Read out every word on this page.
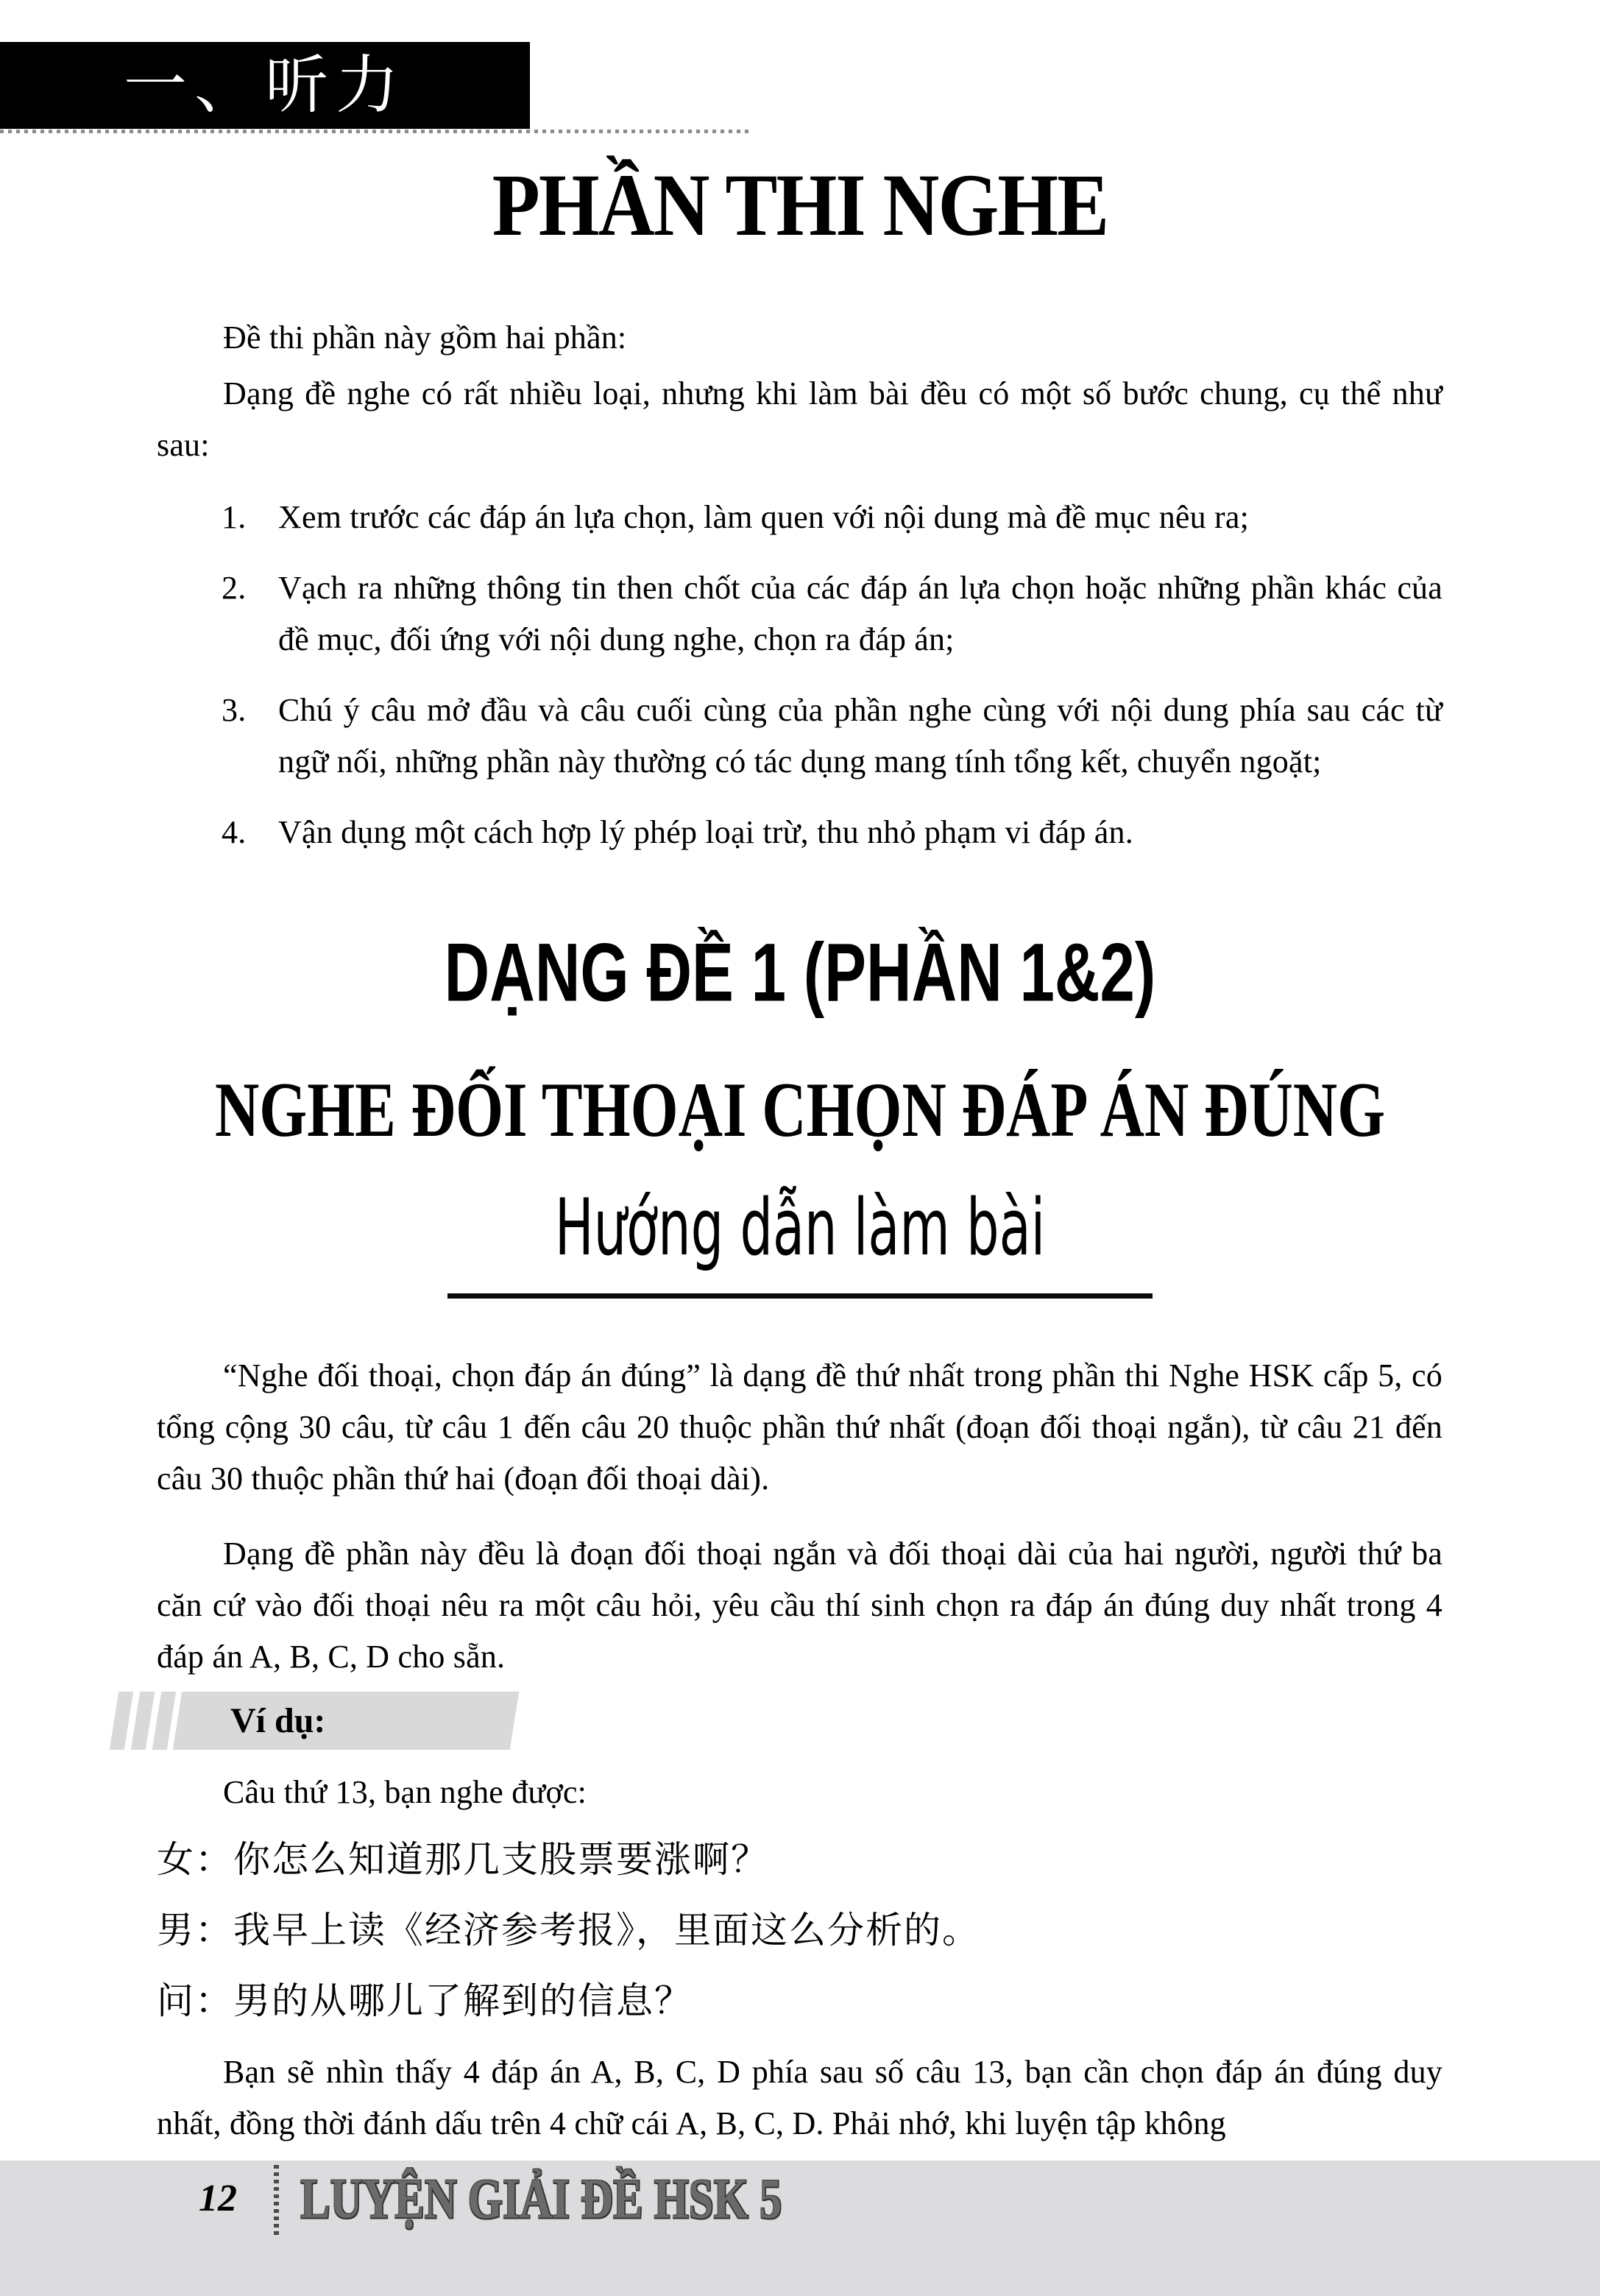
一、听力
PHẦN THI NGHE

Đề thi phần này gồm hai phần:

Dạng đề nghe có rất nhiều loại, nhưng khi làm bài đều có một số bước chung, cụ thể như sau:

1. Xem trước các đáp án lựa chọn, làm quen với nội dung mà đề mục nêu ra;
2. Vạch ra những thông tin then chốt của các đáp án lựa chọn hoặc những phần khác của đề mục, đối ứng với nội dung nghe, chọn ra đáp án;
3. Chú ý câu mở đầu và câu cuối cùng của phần nghe cùng với nội dung phía sau các từ ngữ nối, những phần này thường có tác dụng mang tính tổng kết, chuyển ngoặt;
4. Vận dụng một cách hợp lý phép loại trừ, thu nhỏ phạm vi đáp án.
DẠNG ĐỀ 1 (PHẦN 1&2)
NGHE ĐỐI THOẠI CHỌN ĐÁP ÁN ĐÚNG
Hướng dẫn làm bài

“Nghe đối thoại, chọn đáp án đúng” là dạng đề thứ nhất trong phần thi Nghe HSK cấp 5, có tổng cộng 30 câu, từ câu 1 đến câu 20 thuộc phần thứ nhất (đoạn đối thoại ngắn), từ câu 21 đến câu 30 thuộc phần thứ hai (đoạn đối thoại dài).

Dạng đề phần này đều là đoạn đối thoại ngắn và đối thoại dài của hai người, người thứ ba căn cứ vào đối thoại nêu ra một câu hỏi, yêu cầu thí sinh chọn ra đáp án đúng duy nhất trong 4 đáp án A, B, C, D cho sẵn.

Ví dụ:

Câu thứ 13, bạn nghe được:

女：你怎么知道那几支股票要涨啊？

男：我早上读《经济参考报》，里面这么分析的。

问：男的从哪儿了解到的信息？

Bạn sẽ nhìn thấy 4 đáp án A, B, C, D phía sau số câu 13, bạn cần chọn đáp án đúng duy nhất, đồng thời đánh dấu trên 4 chữ cái A, B, C, D. Phải nhớ, khi luyện tập không

12 LUYỆN GIẢI ĐỀ HSK 5
